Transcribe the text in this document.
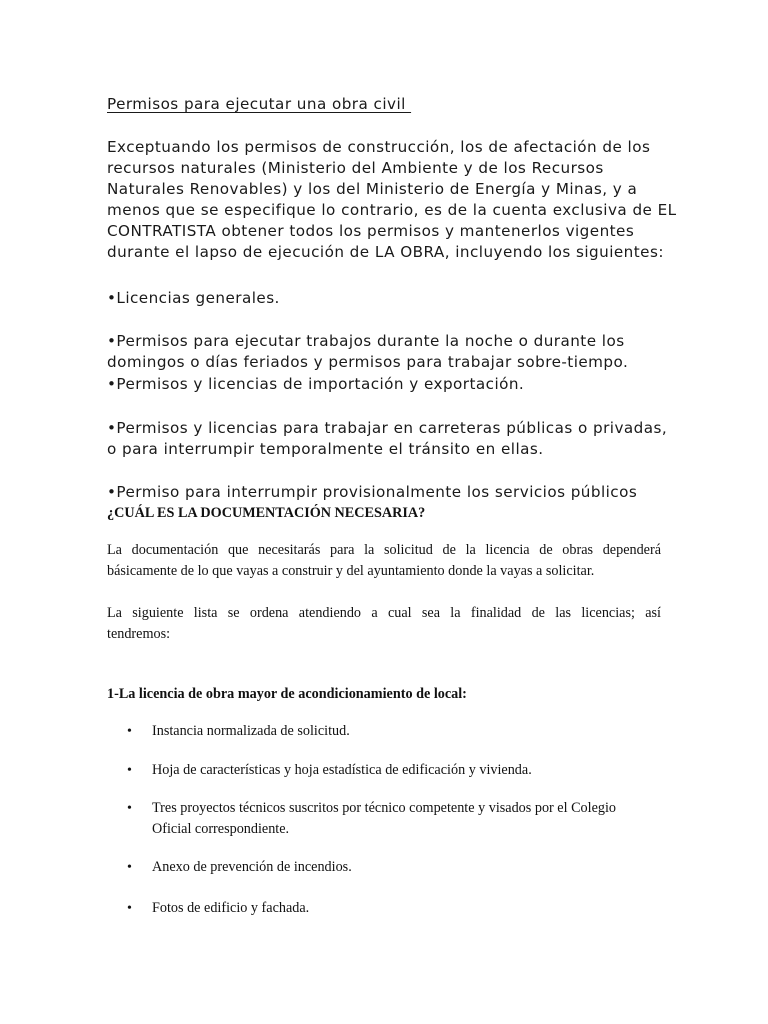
Permisos para ejecutar una obra civil
Exceptuando los permisos de construcción, los de afectación de los
recursos naturales (Ministerio del Ambiente y de los Recursos
Naturales Renovables) y los del Ministerio de Energía y Minas, y a
menos que se especifique lo contrario, es de la cuenta exclusiva de EL
CONTRATISTA obtener todos los permisos y mantenerlos vigentes
durante el lapso de ejecución de LA OBRA, incluyendo los siguientes:
•Licencias generales.
•Permisos para ejecutar trabajos durante la noche o durante los
domingos o días feriados y permisos para trabajar sobre-tiempo.
•Permisos y licencias de importación y exportación.
•Permisos y licencias para trabajar en carreteras públicas o privadas,
o para interrumpir temporalmente el tránsito en ellas.
•Permiso para interrumpir provisionalmente los servicios públicos
¿CUÁL ES LA DOCUMENTACIÓN NECESARIA?
La documentación que necesitarás para la solicitud de la licencia de obras dependerá
básicamente de lo que vayas a construir y del ayuntamiento donde la vayas a solicitar.
La siguiente lista se ordena atendiendo a cual sea la finalidad de las licencias; así
tendremos:
1-La licencia de obra mayor de acondicionamiento de local:
• Instancia normalizada de solicitud.
• Hoja de características y hoja estadística de edificación y vivienda.
• Tres proyectos técnicos suscritos por técnico competente y visados por el Colegio
Oficial correspondiente.
• Anexo de prevención de incendios.
• Fotos de edificio y fachada.
